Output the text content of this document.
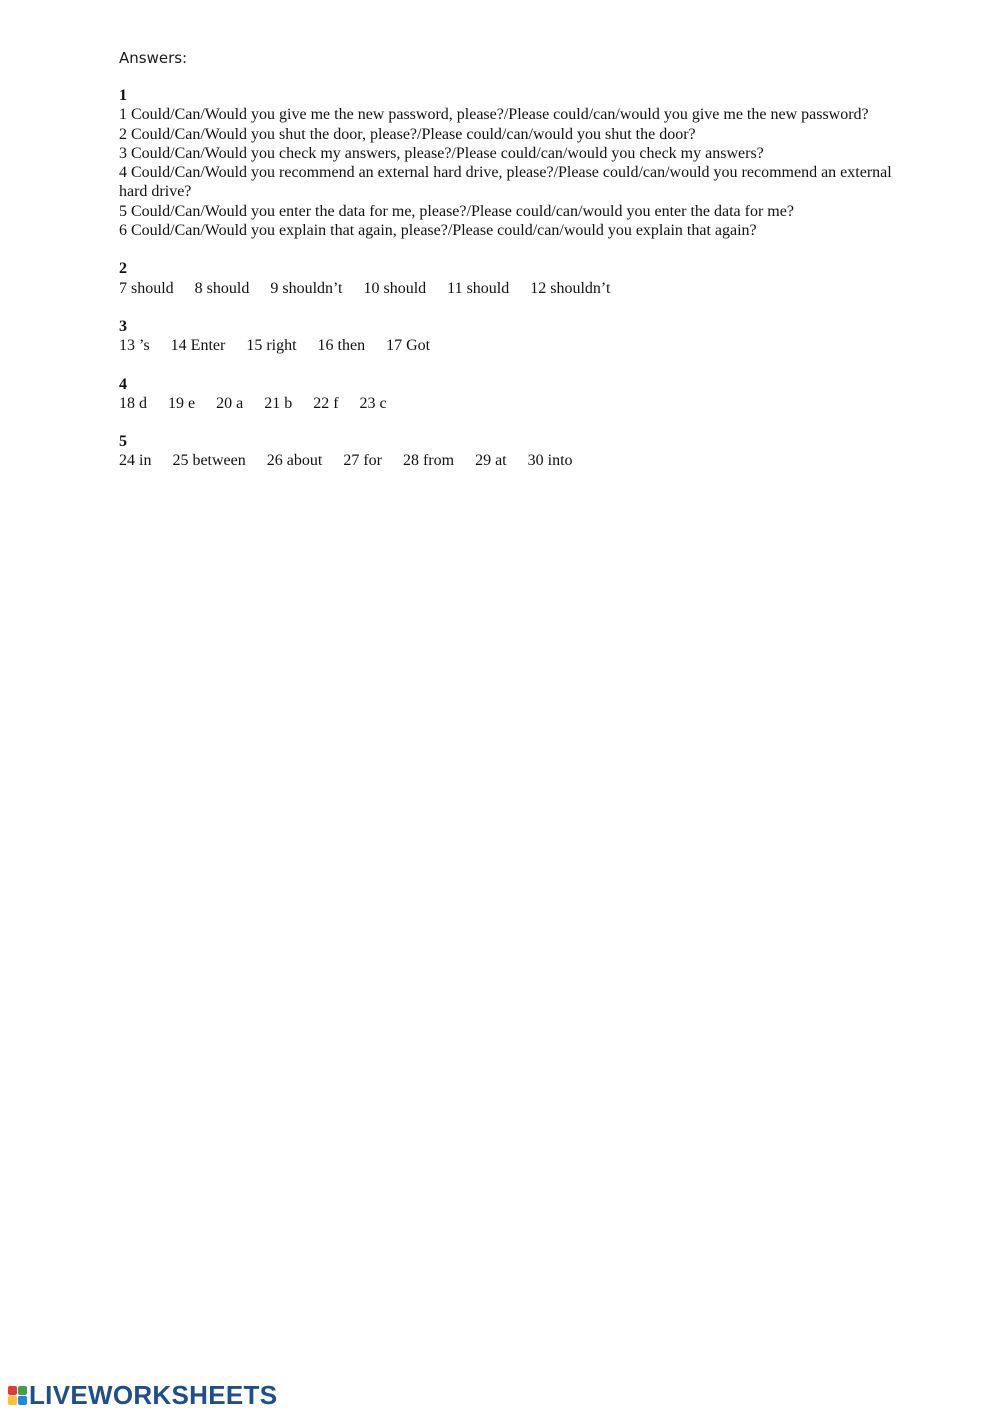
Answers:
1
1 Could/Can/Would you give me the new password, please?/Please could/can/would you give me the new password?
2 Could/Can/Would you shut the door, please?/Please could/can/would you shut the door?
3 Could/Can/Would you check my answers, please?/Please could/can/would you check my answers?
4 Could/Can/Would you recommend an external hard drive, please?/Please could/can/would you recommend an external hard drive?
5 Could/Can/Would you enter the data for me, please?/Please could/can/would you enter the data for me?
6 Could/Can/Would you explain that again, please?/Please could/can/would you explain that again?
2
7 should 8 should 9 shouldn’t 10 should 11 should 12 shouldn’t
3
13 ’s 14 Enter 15 right 16 then 17 Got
4
18 d 19 e 20 a 21 b 22 f 23 c
5
24 in 25 between 26 about 27 for 28 from 29 at 30 into
LIVEWORKSHEETS
